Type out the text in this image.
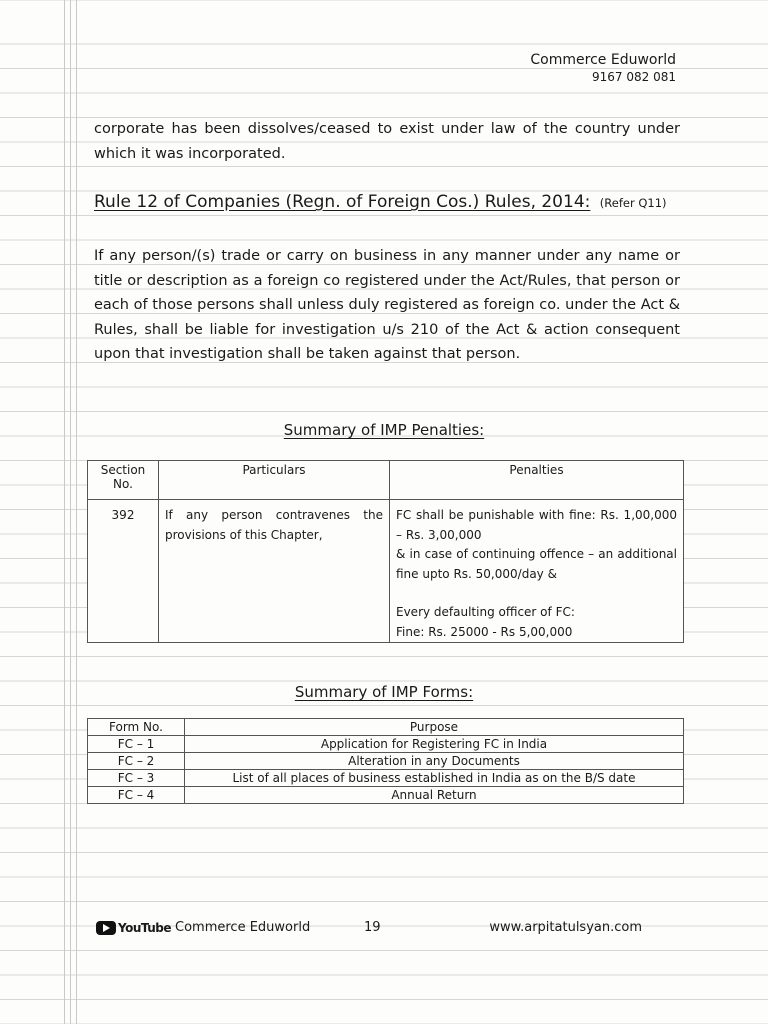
Commerce Eduworld
9167 082 081
corporate has been dissolves/ceased to exist under law of the country under which it was incorporated.
Rule 12 of Companies (Regn. of Foreign Cos.) Rules, 2014: (Refer Q11)
If any person/(s) trade or carry on business in any manner under any name or title or description as a foreign co registered under the Act/Rules, that person or each of those persons shall unless duly registered as foreign co. under the Act & Rules, shall be liable for investigation u/s 210 of the Act & action consequent upon that investigation shall be taken against that person.
Summary of IMP Penalties:
Section No.	Particulars	Penalties
392	If any person contravenes the provisions of this Chapter,	FC shall be punishable with fine: Rs. 1,00,000 – Rs. 3,00,000
& in case of continuing offence – an additional fine upto Rs. 50,000/day &
Every defaulting officer of FC:
Fine: Rs. 25000 - Rs 5,00,000
Summary of IMP Forms:
Form No.	Purpose
FC – 1	Application for Registering FC in India
FC – 2	Alteration in any Documents
FC – 3	List of all places of business established in India as on the B/S date
FC – 4	Annual Return
YouTube Commerce Eduworld	19	www.arpitatulsyan.com
